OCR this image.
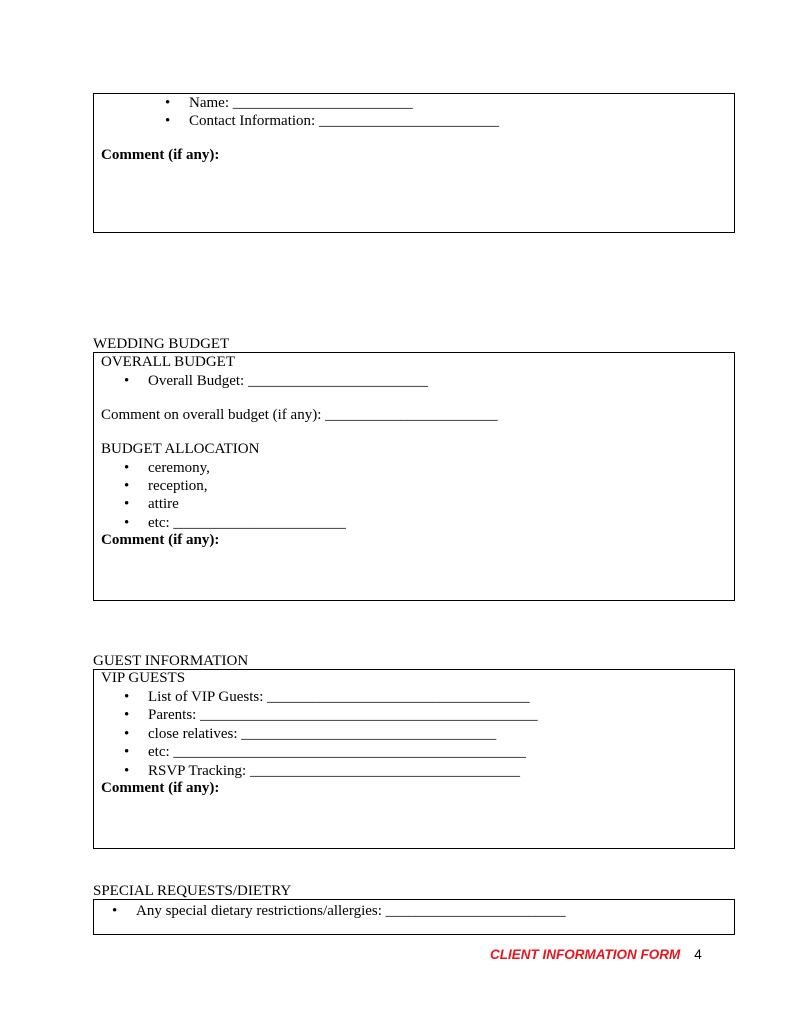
• Name: ________________________
• Contact Information: ________________________
Comment (if any):
WEDDING BUDGET
OVERALL BUDGET
• Overall Budget: ________________________
Comment on overall budget (if any): _______________________
BUDGET ALLOCATION
• ceremony,
• reception,
• attire
• etc: _______________________
Comment (if any):
GUEST INFORMATION
VIP GUESTS
• List of VIP Guests: ___________________________________
• Parents: _____________________________________________
• close relatives: __________________________________
• etc: _______________________________________________
• RSVP Tracking: ____________________________________
Comment (if any):
SPECIAL REQUESTS/DIETRY
• Any special dietary restrictions/allergies: ________________________
CLIENT INFORMATION FORM 4
